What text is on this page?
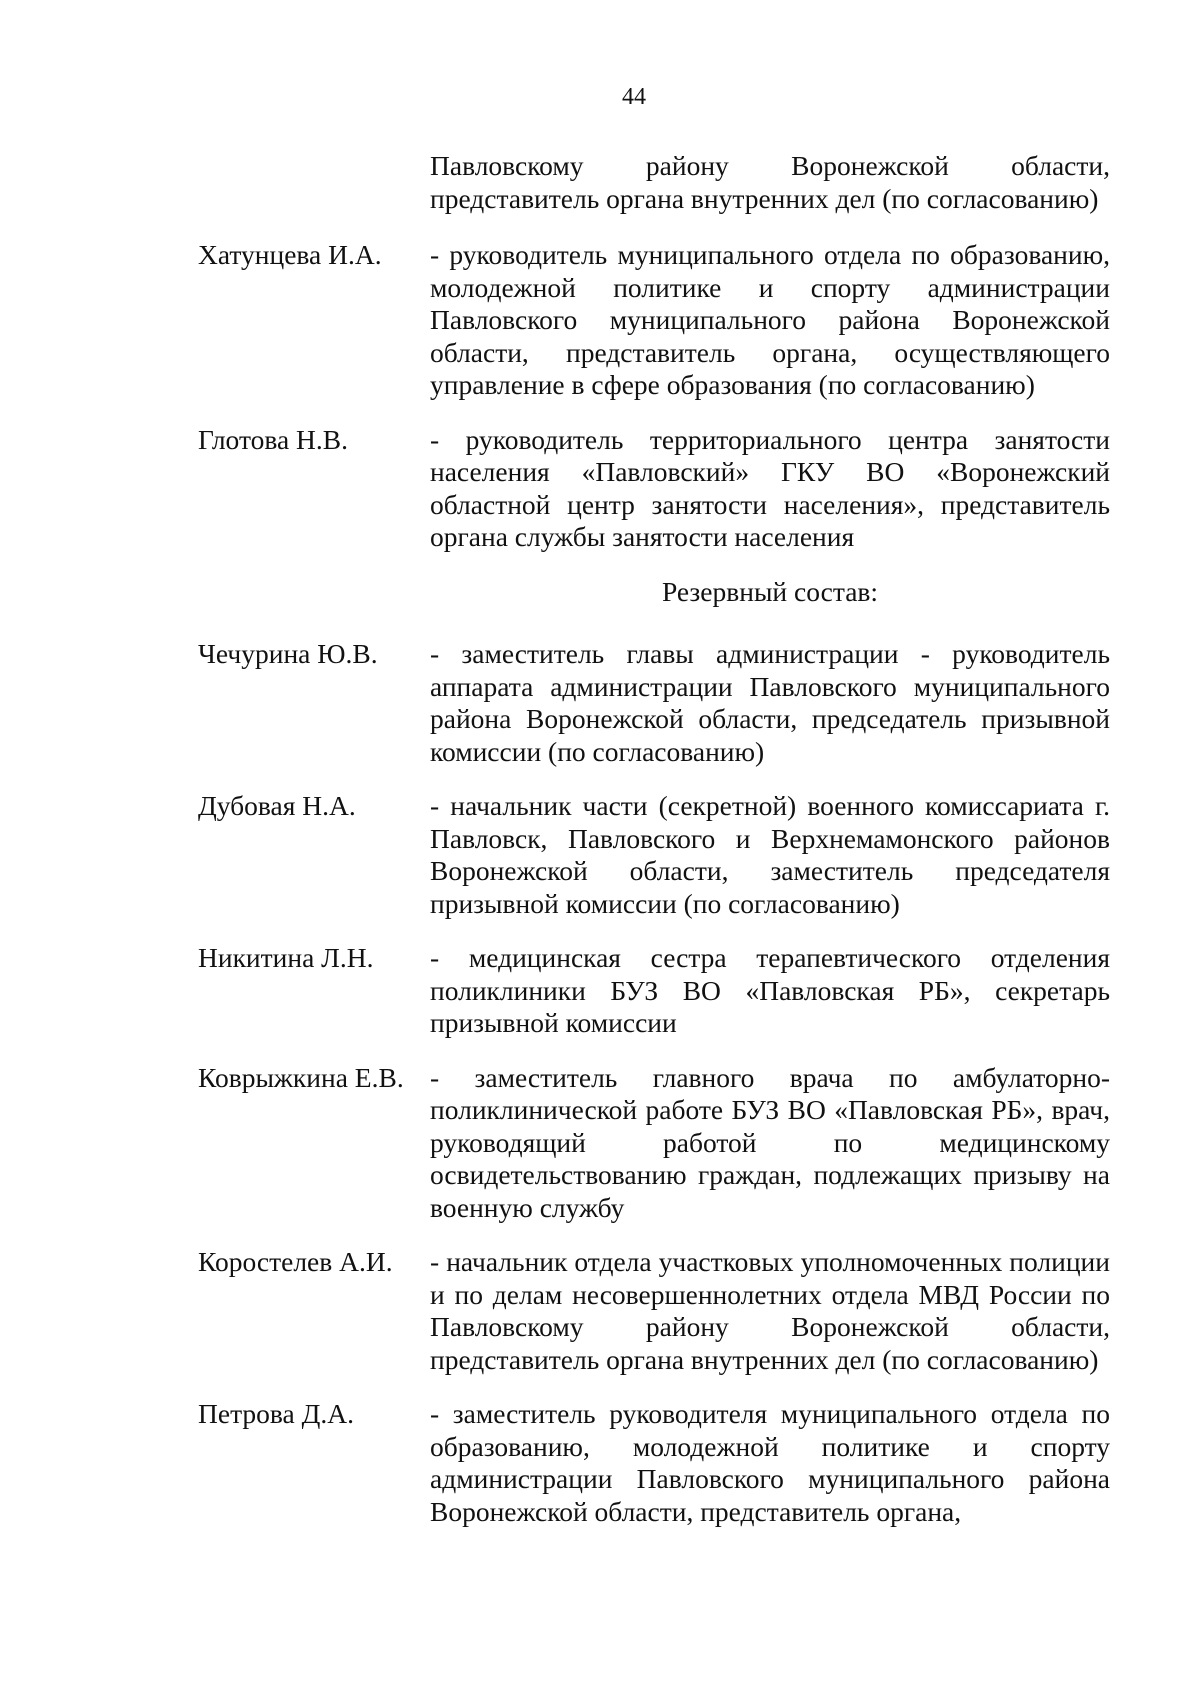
44
Павловскому району Воронежской области, представитель органа внутренних дел (по согласованию)
Хатунцева И.А.	- руководитель муниципального отдела по образованию, молодежной политике и спорту администрации Павловского муниципального района Воронежской области, представитель органа, осуществляющего управление в сфере образования (по согласованию)
Глотова Н.В.	- руководитель территориального центра занятости населения «Павловский» ГКУ ВО «Воронежский областной центр занятости населения», представитель органа службы занятости населения
Резервный состав:
Чечурина Ю.В.	- заместитель главы администрации - руководитель аппарата администрации Павловского муниципального района Воронежской области, председатель призывной комиссии (по согласованию)
Дубовая Н.А.	- начальник части (секретной) военного комиссариата г. Павловск, Павловского и Верхнемамонского районов Воронежской области, заместитель председателя призывной комиссии (по согласованию)
Никитина Л.Н.	- медицинская сестра терапевтического отделения поликлиники БУЗ ВО «Павловская РБ», секретарь призывной комиссии
Коврыжкина Е.В. - заместитель главного врача по амбулаторно-поликлинической работе БУЗ ВО «Павловская РБ», врач, руководящий работой по медицинскому освидетельствованию граждан, подлежащих призыву на военную службу
Коростелев А.И.	- начальник отдела участковых уполномоченных полиции и по делам несовершеннолетних отдела МВД России по Павловскому району Воронежской области, представитель органа внутренних дел (по согласованию)
Петрова Д.А.	- заместитель руководителя муниципального отдела по образованию, молодежной политике и спорту администрации Павловского муниципального района Воронежской области, представитель органа,
